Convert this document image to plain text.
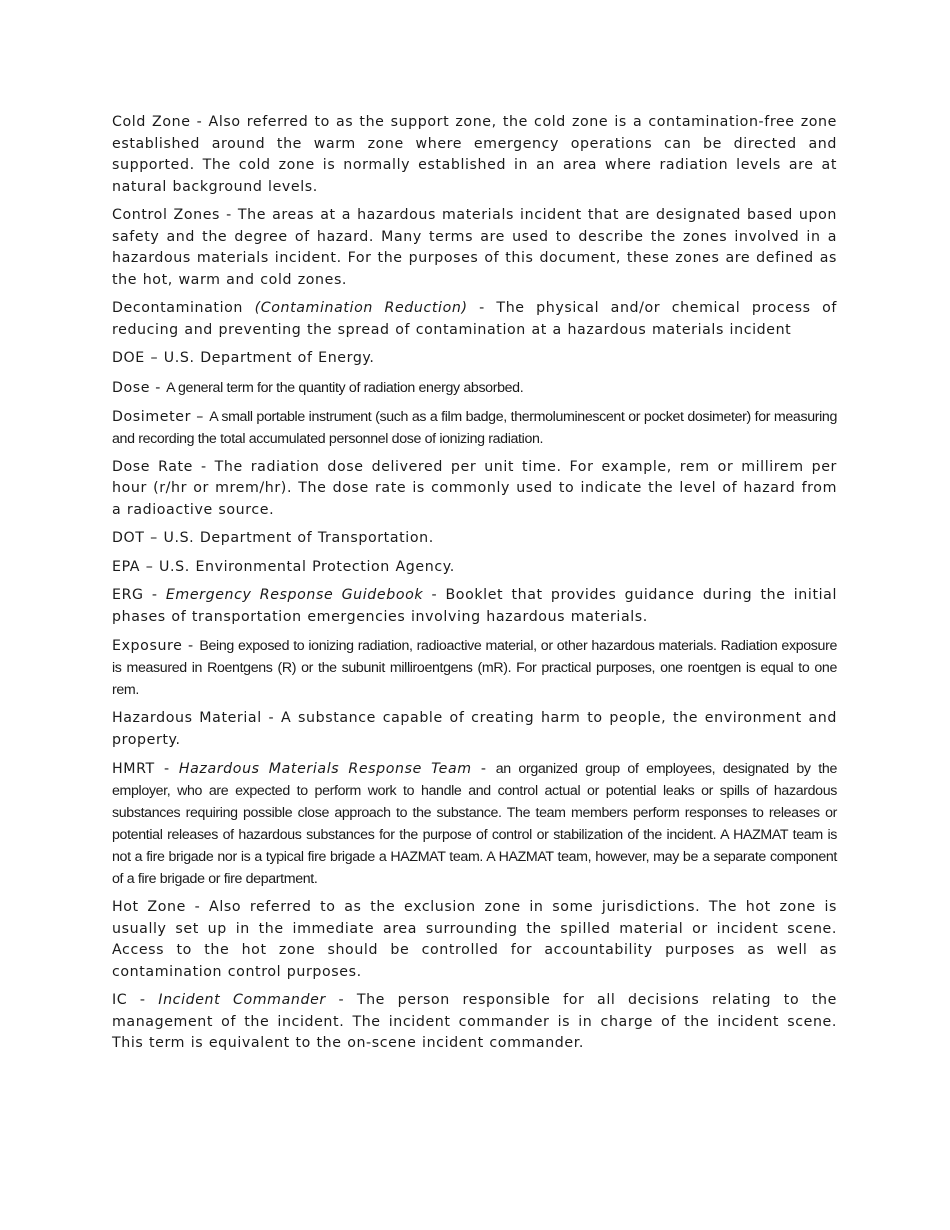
Cold Zone - Also referred to as the support zone, the cold zone is a contamination-free zone established around the warm zone where emergency operations can be directed and supported. The cold zone is normally established in an area where radiation levels are at natural background levels.

Control Zones - The areas at a hazardous materials incident that are designated based upon safety and the degree of hazard. Many terms are used to describe the zones involved in a hazardous materials incident. For the purposes of this document, these zones are defined as the hot, warm and cold zones.

Decontamination (Contamination Reduction) - The physical and/or chemical process of reducing and preventing the spread of contamination at a hazardous materials incident

DOE – U.S. Department of Energy.

Dose - A general term for the quantity of radiation energy absorbed.

Dosimeter – A small portable instrument (such as a film badge, thermoluminescent or pocket dosimeter) for measuring and recording the total accumulated personnel dose of ionizing radiation.

Dose Rate - The radiation dose delivered per unit time. For example, rem or millirem per hour (r/hr or mrem/hr). The dose rate is commonly used to indicate the level of hazard from a radioactive source.

DOT – U.S. Department of Transportation.

EPA – U.S. Environmental Protection Agency.

ERG - Emergency Response Guidebook - Booklet that provides guidance during the initial phases of transportation emergencies involving hazardous materials.

Exposure - Being exposed to ionizing radiation, radioactive material, or other hazardous materials. Radiation exposure is measured in Roentgens (R) or the subunit milliroentgens (mR). For practical purposes, one roentgen is equal to one rem.

Hazardous Material - A substance capable of creating harm to people, the environment and property.

HMRT - Hazardous Materials Response Team - an organized group of employees, designated by the employer, who are expected to perform work to handle and control actual or potential leaks or spills of hazardous substances requiring possible close approach to the substance. The team members perform responses to releases or potential releases of hazardous substances for the purpose of control or stabilization of the incident. A HAZMAT team is not a fire brigade nor is a typical fire brigade a HAZMAT team. A HAZMAT team, however, may be a separate component of a fire brigade or fire department.

Hot Zone - Also referred to as the exclusion zone in some jurisdictions. The hot zone is usually set up in the immediate area surrounding the spilled material or incident scene. Access to the hot zone should be controlled for accountability purposes as well as contamination control purposes.

IC - Incident Commander - The person responsible for all decisions relating to the management of the incident. The incident commander is in charge of the incident scene. This term is equivalent to the on-scene incident commander.
